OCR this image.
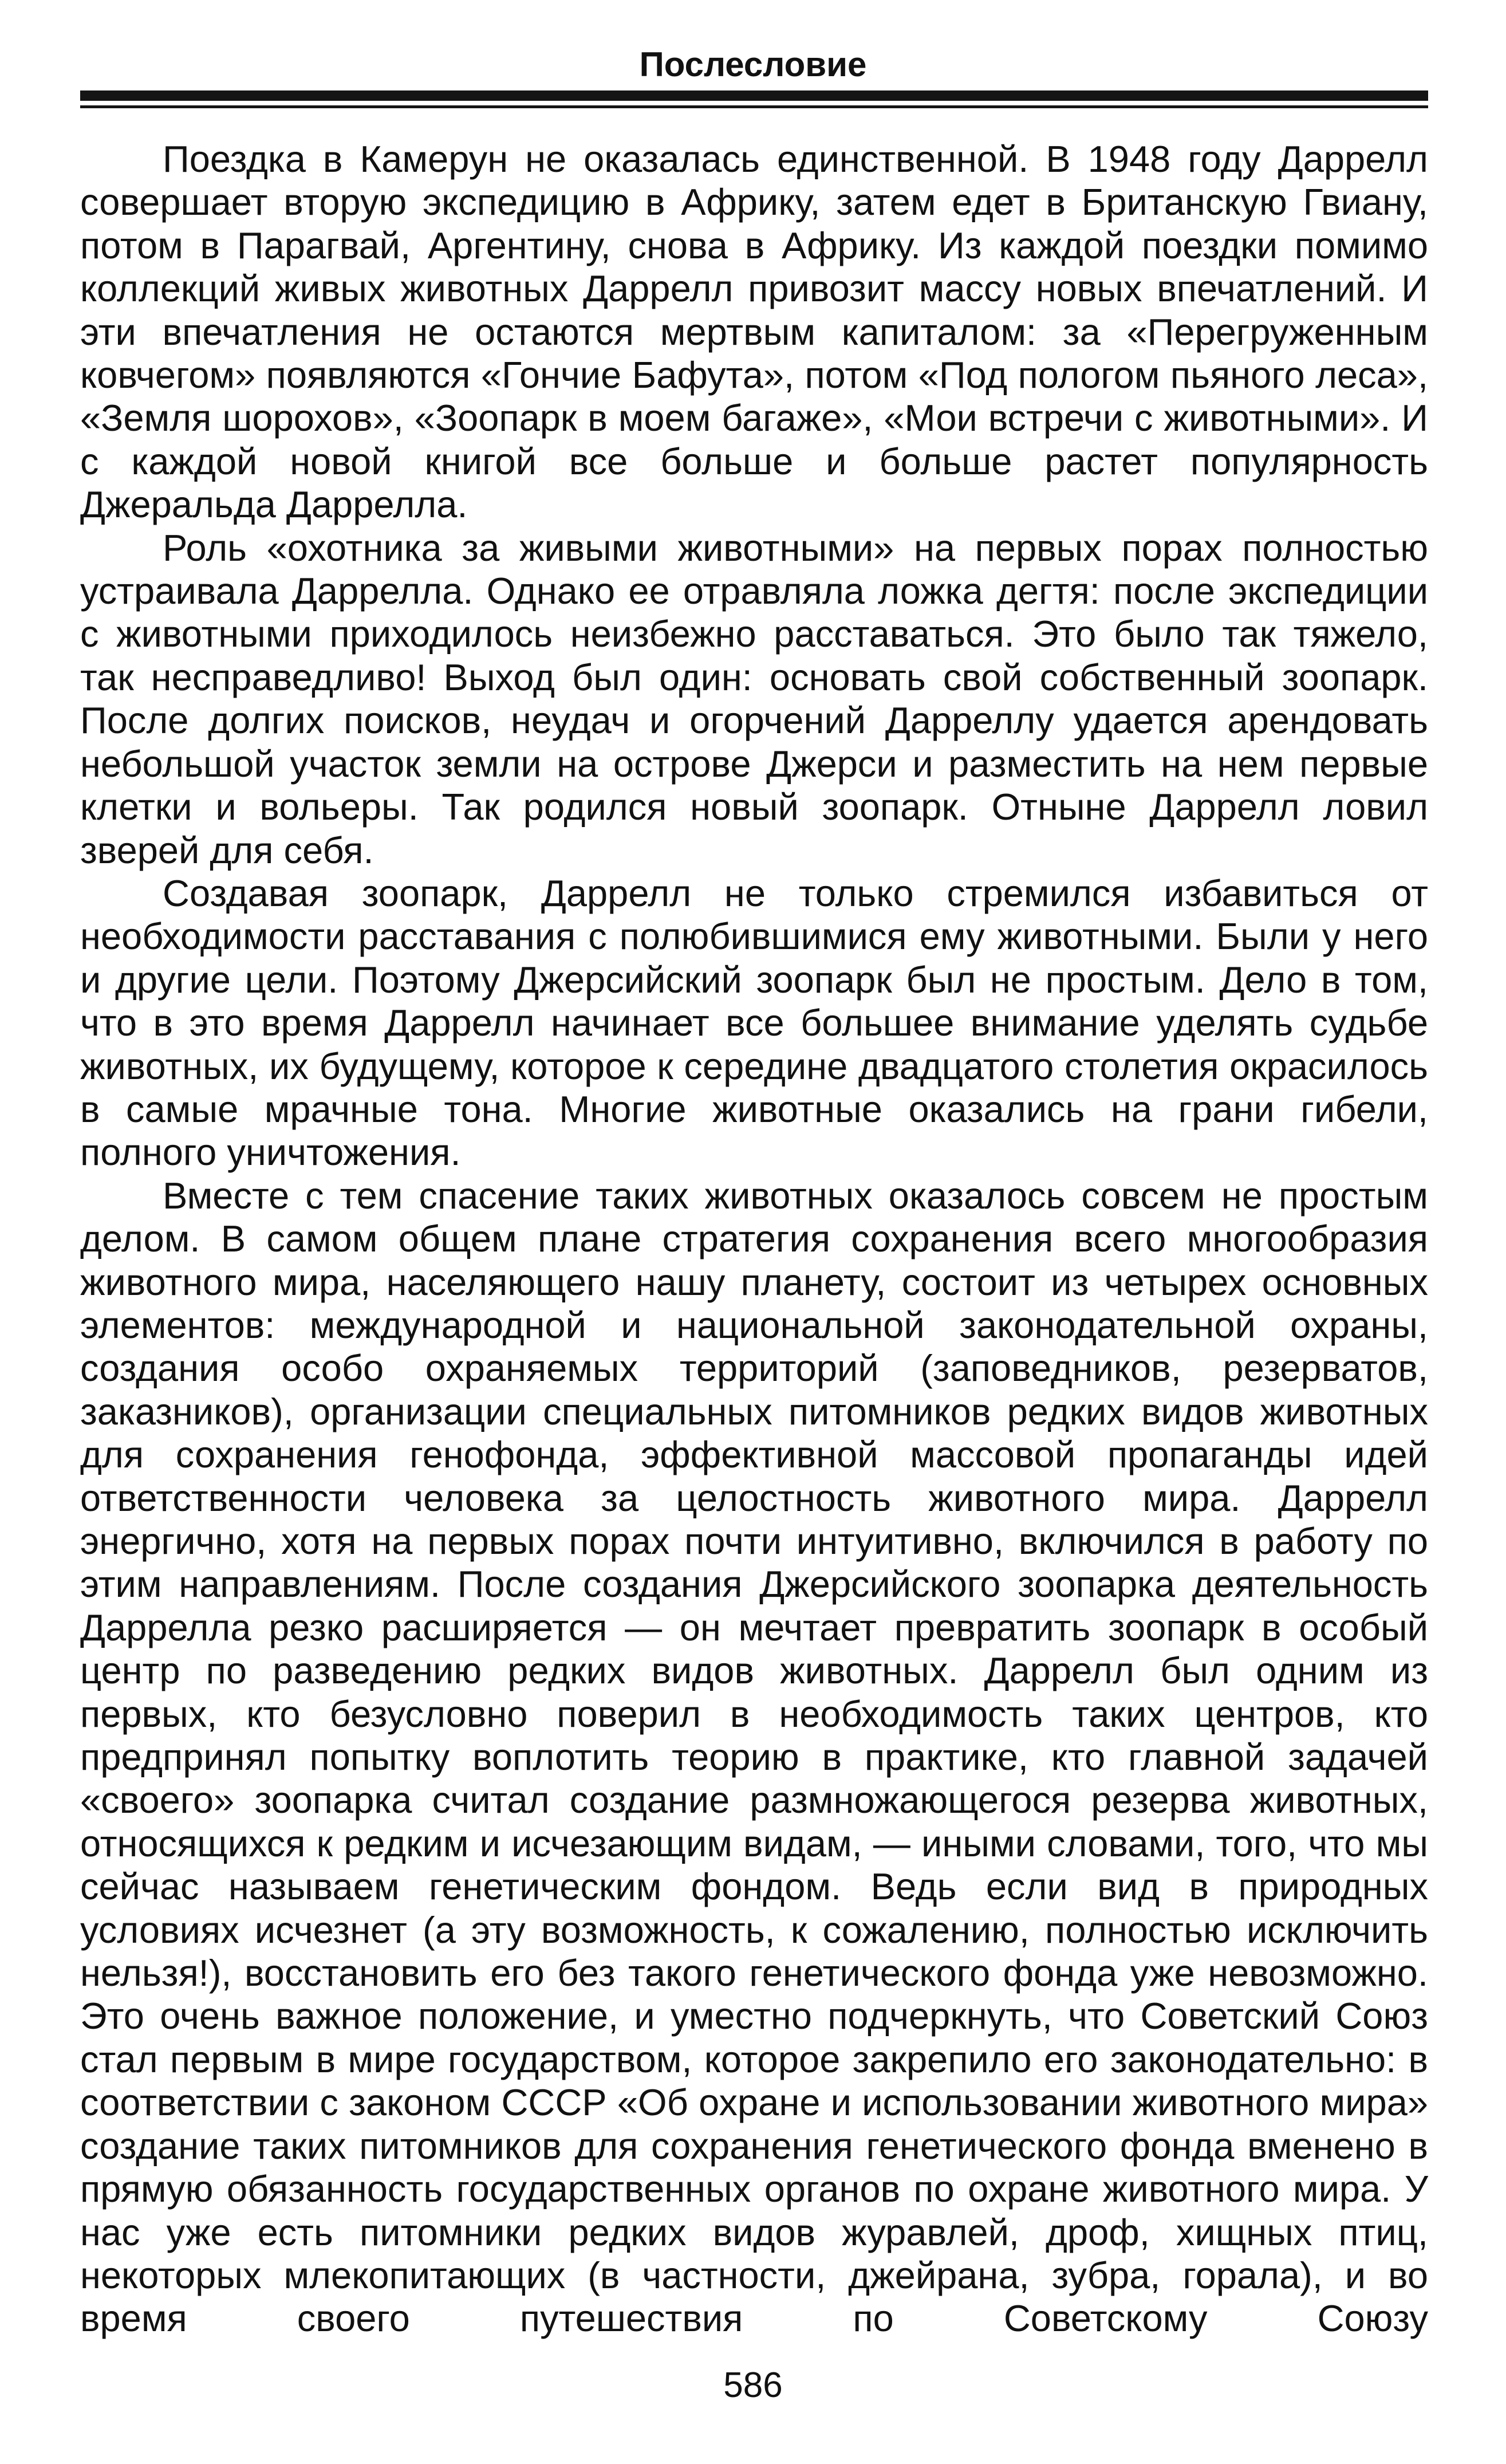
Послесловие

Поездка в Камерун не оказалась единственной. В 1948 году Даррелл совершает вторую экспедицию в Африку, затем едет в Британскую Гвиану, потом в Парагвай, Аргентину, снова в Африку. Из каждой поездки помимо коллекций живых животных Даррелл привозит массу новых впечатлений. И эти впечатления не остаются мертвым капиталом: за «Перегруженным ковчегом» появляются «Гончие Бафута», потом «Под пологом пьяного леса», «Земля шорохов», «Зоопарк в моем багаже», «Мои встречи с животными». И с каждой новой книгой все больше и больше растет популярность Джеральда Даррелла.

Роль «охотника за живыми животными» на первых порах полностью устраивала Даррелла. Однако ее отравляла ложка дегтя: после экспедиции с животными приходилось неизбежно расставаться. Это было так тяжело, так несправедливо! Выход был один: основать свой собственный зоопарк. После долгих поисков, неудач и огорчений Дарреллу удается арендовать небольшой участок земли на острове Джерси и разместить на нем первые клетки и вольеры. Так родился новый зоопарк. Отныне Даррелл ловил зверей для себя.

Создавая зоопарк, Даррелл не только стремился избавиться от необходимости расставания с полюбившимися ему животными. Были у него и другие цели. Поэтому Джерсийский зоопарк был не простым. Дело в том, что в это время Даррелл начинает все большее внимание уделять судьбе животных, их будущему, которое к середине двадцатого столетия окрасилось в самые мрачные тона. Многие животные оказались на грани гибели, полного уничтожения.

Вместе с тем спасение таких животных оказалось совсем не простым делом. В самом общем плане стратегия сохранения всего многообразия животного мира, населяющего нашу планету, состоит из четырех основных элементов: международной и национальной законодательной охраны, создания особо охраняемых территорий (заповедников, резерватов, заказников), организации специальных питомников редких видов животных для сохранения генофонда, эффективной массовой пропаганды идей ответственности человека за целостность животного мира. Даррелл энергично, хотя на первых порах почти интуитивно, включился в работу по этим направлениям. После создания Джерсийского зоопарка деятельность Даррелла резко расширяется — он мечтает превратить зоопарк в особый центр по разведению редких видов животных. Даррелл был одним из первых, кто безусловно поверил в необходимость таких центров, кто предпринял попытку воплотить теорию в практике, кто главной задачей «своего» зоопарка считал создание размножающегося резерва животных, относящихся к редким и исчезающим видам, — иными словами, того, что мы сейчас называем генетическим фондом. Ведь если вид в природных условиях исчезнет (а эту возможность, к сожалению, полностью исключить нельзя!), восстановить его без такого генетического фонда уже невозможно. Это очень важное положение, и уместно подчеркнуть, что Советский Союз стал первым в мире государством, которое закрепило его законодательно: в соответствии с законом СССР «Об охране и использовании животного мира» создание таких питомников для сохранения генетического фонда вменено в прямую обязанность государственных органов по охране животного мира. У нас уже есть питомники редких видов журавлей, дроф, хищных птиц, некоторых млекопитающих (в частности, джейрана, зубра, горала), и во время своего путешествия по Советскому Союзу

586
